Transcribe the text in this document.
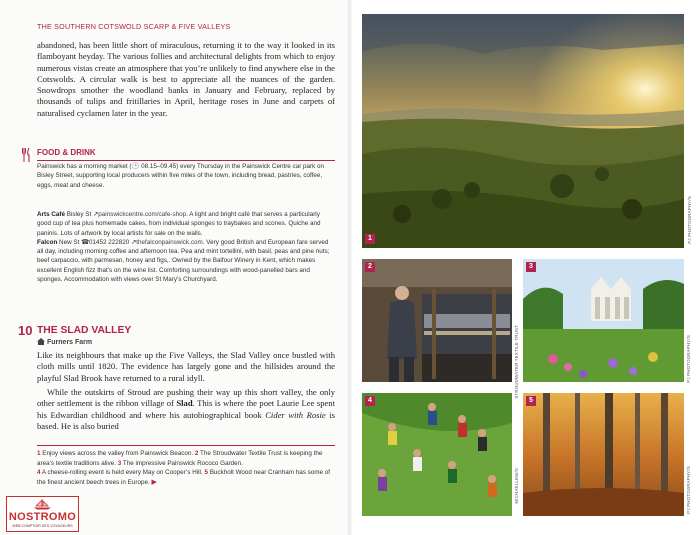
THE SOUTHERN COTSWOLD SCARP & FIVE VALLEYS
abandoned, has been little short of miraculous, returning it to the way it looked in its flamboyant heyday. The various follies and architectural delights from which to enjoy numerous vistas create an atmosphere that you’re unlikely to find anywhere else in the Cotswolds. A circular walk is best to appreciate all the nuances of the garden. Snowdrops smother the woodland banks in January and February, replaced by thousands of tulips and fritillaries in April, heritage roses in June and carpets of naturalised cyclamen later in the year.
FOOD & DRINK
Painswick has a morning market (🕒 08.15–09.45) every Thursday in the Painswick Centre car park on Bisley Street, supporting local producers within five miles of the town, including bread, pastries, coffee, eggs, meat and cheese.
Arts Café Bisley St ↗painswickcentre.com/cafe-shop. A light and bright café that serves a particularly good cup of tea plus homemade cakes, from individual sponges to traybakes and scones. Quiche and paninis. Lots of artwork by local artists for sale on the walls.
Falcon New St ☎01452 222820 ↗thefalconpainswick.com. Very good British and European fare served all day, including morning coffee and afternoon tea. Pea and mint tortellini, with basil, peas and pine nuts; beef carpaccio, with parmesan, honey and figs,. Owned by the Balfour Winery in Kent, which makes excellent English fizz that’s on the wine list. Comforting surroundings with wood-panelled bars and sponges. Accommodation with views over St Mary’s Churchyard.
10 THE SLAD VALLEY
Furners Farm
Like its neighbours that make up the Five Valleys, the Slad Valley once bustled with cloth mills until 1820. The evidence has largely gone and the hillsides around the playful Slad Brook have returned to a rural idyll.
While the outskirts of Stroud are pushing their way up this short valley, the only other settlement is the ribbon village of Slad. This is where the poet Laurie Lee spent his Edwardian childhood and where his autobiographical book Cider with Rosie is based. He is also buried
1 Enjoy views across the valley from Painswick Beacon. 2 The Stroudwater Textile Trust is keeping the area’s textile traditions alive. 3 The impressive Painswick Rococo Garden.
4 A cheese-rolling event is held every May on Cooper’s Hill. 5 Buckholt Wood near Cranham has some of the finest ancient beech trees in Europe. ▶
NOSTROMO
WEB COMPTOIR DES VOYAGEURS
1	PJ PHOTOGRAPHY/S
2
STROUDWATER TEXTILE TRUST
3
PJ PHOTOGRAPHY/S
4
MICHAELLEW/S
5
PJ PHOTOGRAPHY/S
